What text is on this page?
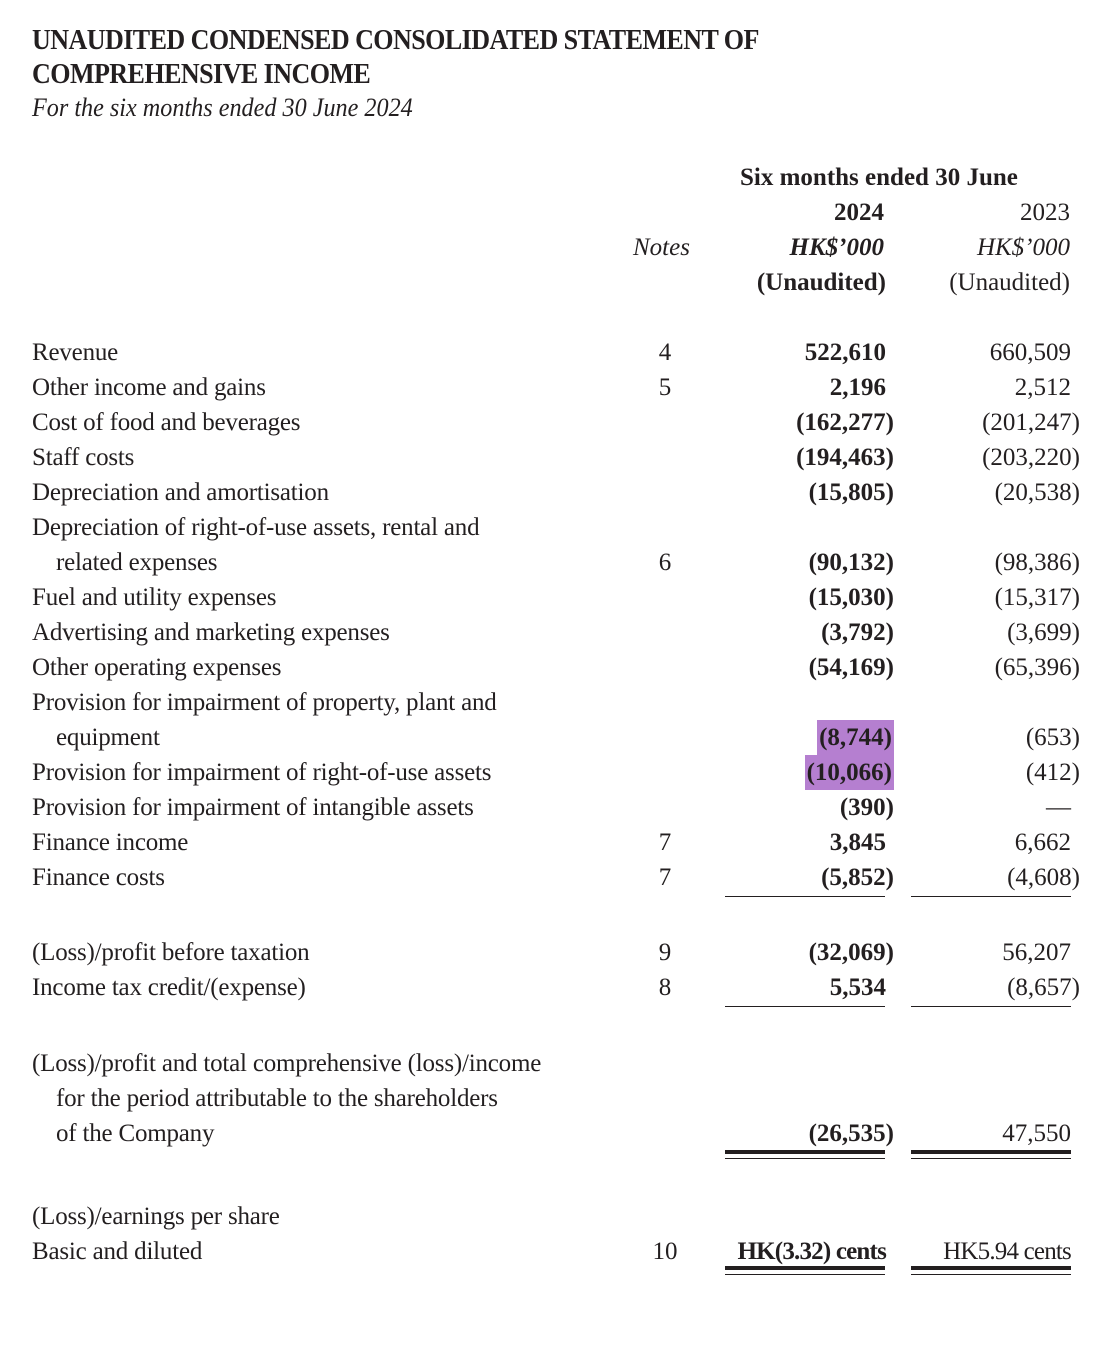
UNAUDITED CONDENSED CONSOLIDATED STATEMENT OF
COMPREHENSIVE INCOME
For the six months ended 30 June 2024
Six months ended 30 June
2024	2023
Notes	HK$’000	HK$’000
(Unaudited)	(Unaudited)
Revenue	4	522,610	660,509
Other income and gains	5	2,196	2,512
Cost of food and beverages	(162,277)	(201,247)
Staff costs	(194,463)	(203,220)
Depreciation and amortisation	(15,805)	(20,538)
Depreciation of right-of-use assets, rental and
related expenses	6	(90,132)	(98,386)
Fuel and utility expenses	(15,030)	(15,317)
Advertising and marketing expenses	(3,792)	(3,699)
Other operating expenses	(54,169)	(65,396)
Provision for impairment of property, plant and
equipment	(8,744)	(653)
Provision for impairment of right-of-use assets	(10,066)	(412)
Provision for impairment of intangible assets	(390)	—
Finance income	7	3,845	6,662
Finance costs	7	(5,852)	(4,608)
(Loss)/profit before taxation	9	(32,069)	56,207
Income tax credit/(expense)	8	5,534	(8,657)
(Loss)/profit and total comprehensive (loss)/income
for the period attributable to the shareholders
of the Company	(26,535)	47,550
(Loss)/earnings per share
Basic and diluted	10	HK(3.32) cents HK5.94 cents
